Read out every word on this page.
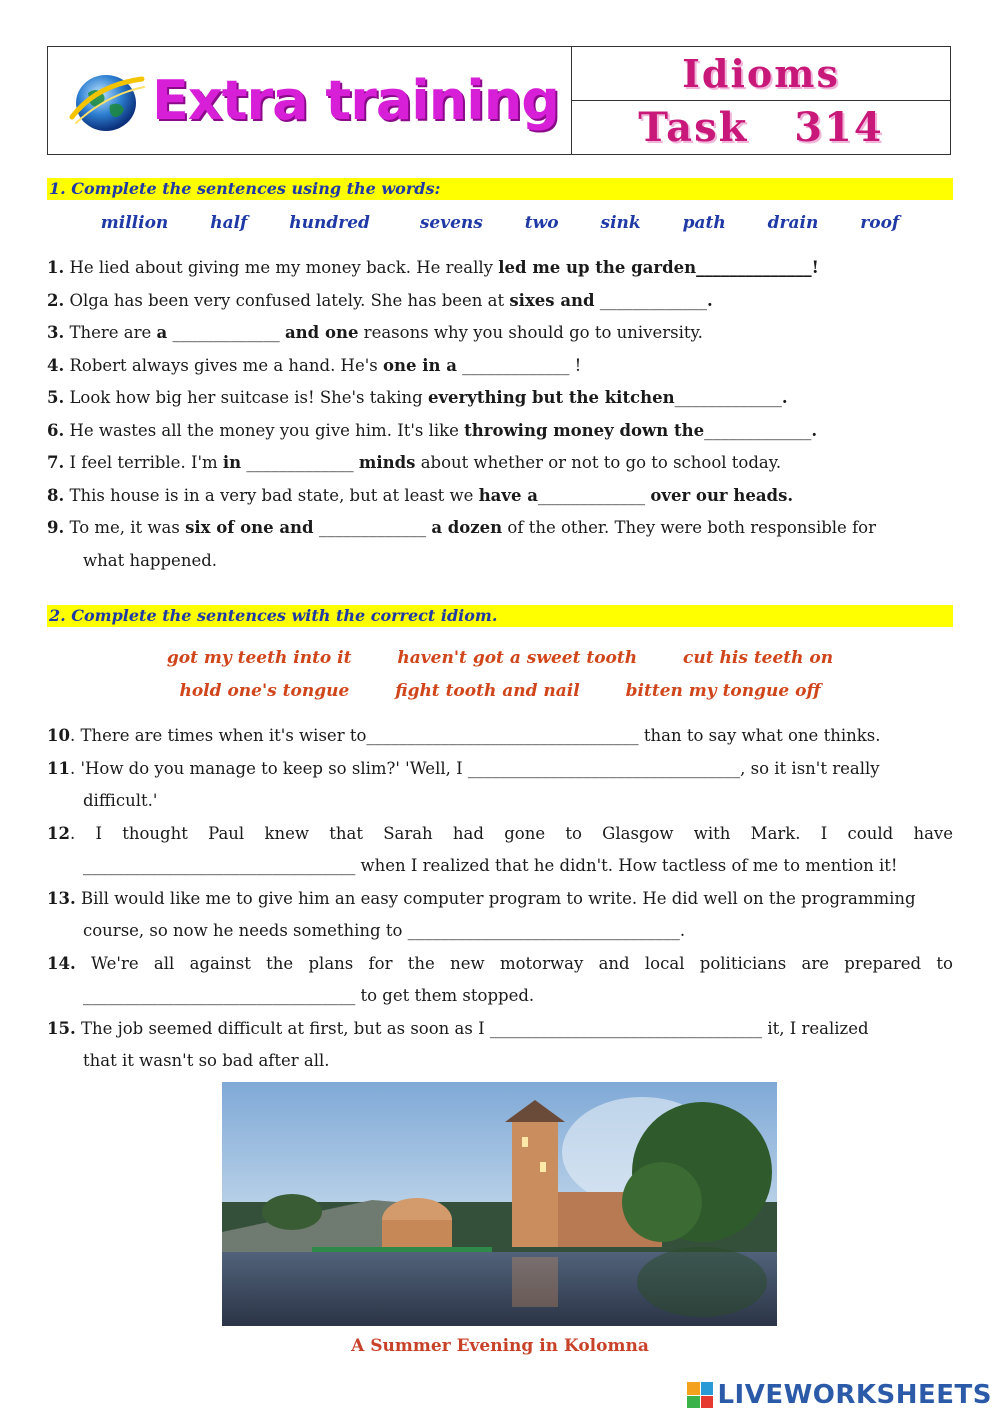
Extra training	Idioms
Task 314
1. Complete the sentences using the words:
million half hundred	sevens two sink path drain roof
1. He lied about giving me my money back. He really led me up the garden______________!
2. Olga has been very confused lately. She has been at sixes and _____________.
3. There are a _____________ and one reasons why you should go to university.
4. Robert always gives me a hand. He's one in a _____________ !
5. Look how big her suitcase is! She's taking everything but the kitchen_____________.
6. He wastes all the money you give him. It's like throwing money down the_____________.
7. I feel terrible. I'm in _____________ minds about whether or not to go to school today.
8. This house is in a very bad state, but at least we have a_____________ over our heads.
9. To me, it was six of one and _____________ a dozen of the other. They were both responsible for
what happened.
2. Complete the sentences with the correct idiom.
got my teeth into it	haven't got a sweet tooth	cut his teeth on
hold one's tongue	fight tooth and nail	bitten my tongue off
10. There are times when it's wiser to_________________________________ than to say what one thinks.
11. 'How do you manage to keep so slim?' 'Well, I _________________________________, so it isn't really
difficult.'
12. I thought Paul knew that Sarah had gone to Glasgow with Mark. I could have
_________________________________ when I realized that he didn't. How tactless of me to mention it!
13. Bill would like me to give him an easy computer program to write. He did well on the programming
course, so now he needs something to _________________________________.
14. We're all against the plans for the new motorway and local politicians are prepared to
_________________________________ to get them stopped.
15. The job seemed difficult at first, but as soon as I _________________________________ it, I realized
that it wasn't so bad after all.
A Summer Evening in Kolomna
LIVEWORKSHEETS
